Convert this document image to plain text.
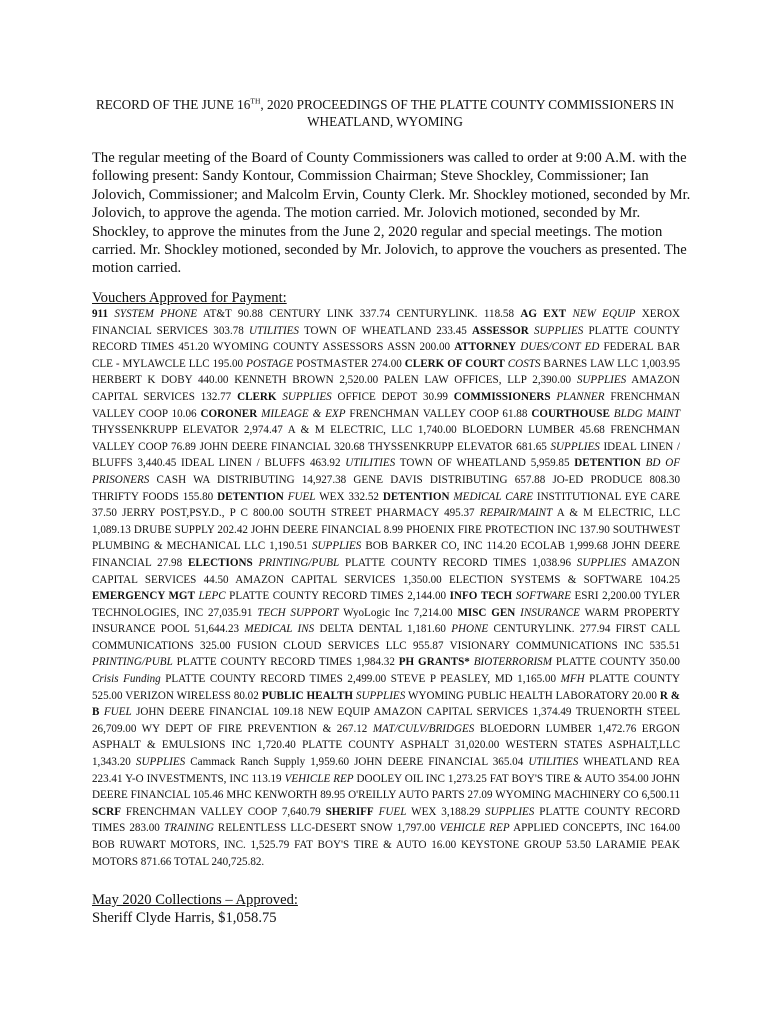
RECORD OF THE JUNE 16TH, 2020 PROCEEDINGS OF THE PLATTE COUNTY COMMISSIONERS IN
WHEATLAND, WYOMING
The regular meeting of the Board of County Commissioners was called to order at 9:00 A.M. with the following present: Sandy Kontour, Commission Chairman; Steve Shockley, Commissioner; Ian Jolovich, Commissioner; and Malcolm Ervin, County Clerk. Mr. Shockley motioned, seconded by Mr. Jolovich, to approve the agenda. The motion carried. Mr. Jolovich motioned, seconded by Mr. Shockley, to approve the minutes from the June 2, 2020 regular and special meetings. The motion carried. Mr. Shockley motioned, seconded by Mr. Jolovich, to approve the vouchers as presented. The motion carried.
Vouchers Approved for Payment:
911 SYSTEM PHONE AT&T 90.88 CENTURY LINK 337.74 CENTURYLINK. 118.58 AG EXT NEW EQUIP XEROX FINANCIAL SERVICES 303.78 UTILITIES TOWN OF WHEATLAND 233.45 ASSESSOR SUPPLIES PLATTE COUNTY RECORD TIMES 451.20 WYOMING COUNTY ASSESSORS ASSN 200.00 ATTORNEY DUES/CONT ED FEDERAL BAR CLE - MYLAWCLE LLC 195.00 POSTAGE POSTMASTER 274.00 CLERK OF COURT COSTS BARNES LAW LLC 1,003.95 HERBERT K DOBY 440.00 KENNETH BROWN 2,520.00 PALEN LAW OFFICES, LLP 2,390.00 SUPPLIES AMAZON CAPITAL SERVICES 132.77 CLERK SUPPLIES OFFICE DEPOT 30.99 COMMISSIONERS PLANNER FRENCHMAN VALLEY COOP 10.06 CORONER MILEAGE & EXP FRENCHMAN VALLEY COOP 61.88 COURTHOUSE BLDG MAINT THYSSENKRUPP ELEVATOR 2,974.47 A & M ELECTRIC, LLC 1,740.00 BLOEDORN LUMBER 45.68 FRENCHMAN VALLEY COOP 76.89 JOHN DEERE FINANCIAL 320.68 THYSSENKRUPP ELEVATOR 681.65 SUPPLIES IDEAL LINEN / BLUFFS 3,440.45 IDEAL LINEN / BLUFFS 463.92 UTILITIES TOWN OF WHEATLAND 5,959.85 DETENTION BD OF PRISONERS CASH WA DISTRIBUTING 14,927.38 GENE DAVIS DISTRIBUTING 657.88 JO-ED PRODUCE 808.30 THRIFTY FOODS 155.80 DETENTION FUEL WEX 332.52 DETENTION MEDICAL CARE INSTITUTIONAL EYE CARE 37.50 JERRY POST,PSY.D., P C 800.00 SOUTH STREET PHARMACY 495.37 REPAIR/MAINT A & M ELECTRIC, LLC 1,089.13 DRUBE SUPPLY 202.42 JOHN DEERE FINANCIAL 8.99 PHOENIX FIRE PROTECTION INC 137.90 SOUTHWEST PLUMBING & MECHANICAL LLC 1,190.51 SUPPLIES BOB BARKER CO, INC 114.20 ECOLAB 1,999.68 JOHN DEERE FINANCIAL 27.98 ELECTIONS PRINTING/PUBL PLATTE COUNTY RECORD TIMES 1,038.96 SUPPLIES AMAZON CAPITAL SERVICES 44.50 AMAZON CAPITAL SERVICES 1,350.00 ELECTION SYSTEMS & SOFTWARE 104.25 EMERGENCY MGT LEPC PLATTE COUNTY RECORD TIMES 2,144.00 INFO TECH SOFTWARE ESRI 2,200.00 TYLER TECHNOLOGIES, INC 27,035.91 TECH SUPPORT WyoLogic Inc 7,214.00 MISC GEN INSURANCE WARM PROPERTY INSURANCE POOL 51,644.23 MEDICAL INS DELTA DENTAL 1,181.60 PHONE CENTURYLINK. 277.94 FIRST CALL COMMUNICATIONS 325.00 FUSION CLOUD SERVICES LLC 955.87 VISIONARY COMMUNICATIONS INC 535.51 PRINTING/PUBL PLATTE COUNTY RECORD TIMES 1,984.32 PH GRANTS* BIOTERRORISM PLATTE COUNTY 350.00 Crisis Funding PLATTE COUNTY RECORD TIMES 2,499.00 STEVE P PEASLEY, MD 1,165.00 MFH PLATTE COUNTY 525.00 VERIZON WIRELESS 80.02 PUBLIC HEALTH SUPPLIES WYOMING PUBLIC HEALTH LABORATORY 20.00 R & B FUEL JOHN DEERE FINANCIAL 109.18 NEW EQUIP AMAZON CAPITAL SERVICES 1,374.49 TRUENORTH STEEL 26,709.00 WY DEPT OF FIRE PREVENTION & 267.12 MAT/CULV/BRIDGES BLOEDORN LUMBER 1,472.76 ERGON ASPHALT & EMULSIONS INC 1,720.40 PLATTE COUNTY ASPHALT 31,020.00 WESTERN STATES ASPHALT,LLC 1,343.20 SUPPLIES Cammack Ranch Supply 1,959.60 JOHN DEERE FINANCIAL 365.04 UTILITIES WHEATLAND REA 223.41 Y-O INVESTMENTS, INC 113.19 VEHICLE REP DOOLEY OIL INC 1,273.25 FAT BOY'S TIRE & AUTO 354.00 JOHN DEERE FINANCIAL 105.46 MHC KENWORTH 89.95 O'REILLY AUTO PARTS 27.09 WYOMING MACHINERY CO 6,500.11 SCRF FRENCHMAN VALLEY COOP 7,640.79 SHERIFF FUEL WEX 3,188.29 SUPPLIES PLATTE COUNTY RECORD TIMES 283.00 TRAINING RELENTLESS LLC-DESERT SNOW 1,797.00 VEHICLE REP APPLIED CONCEPTS, INC 164.00 BOB RUWART MOTORS, INC. 1,525.79 FAT BOY'S TIRE & AUTO 16.00 KEYSTONE GROUP 53.50 LARAMIE PEAK MOTORS 871.66 TOTAL 240,725.82.
May 2020 Collections – Approved:
Sheriff Clyde Harris, $1,058.75
